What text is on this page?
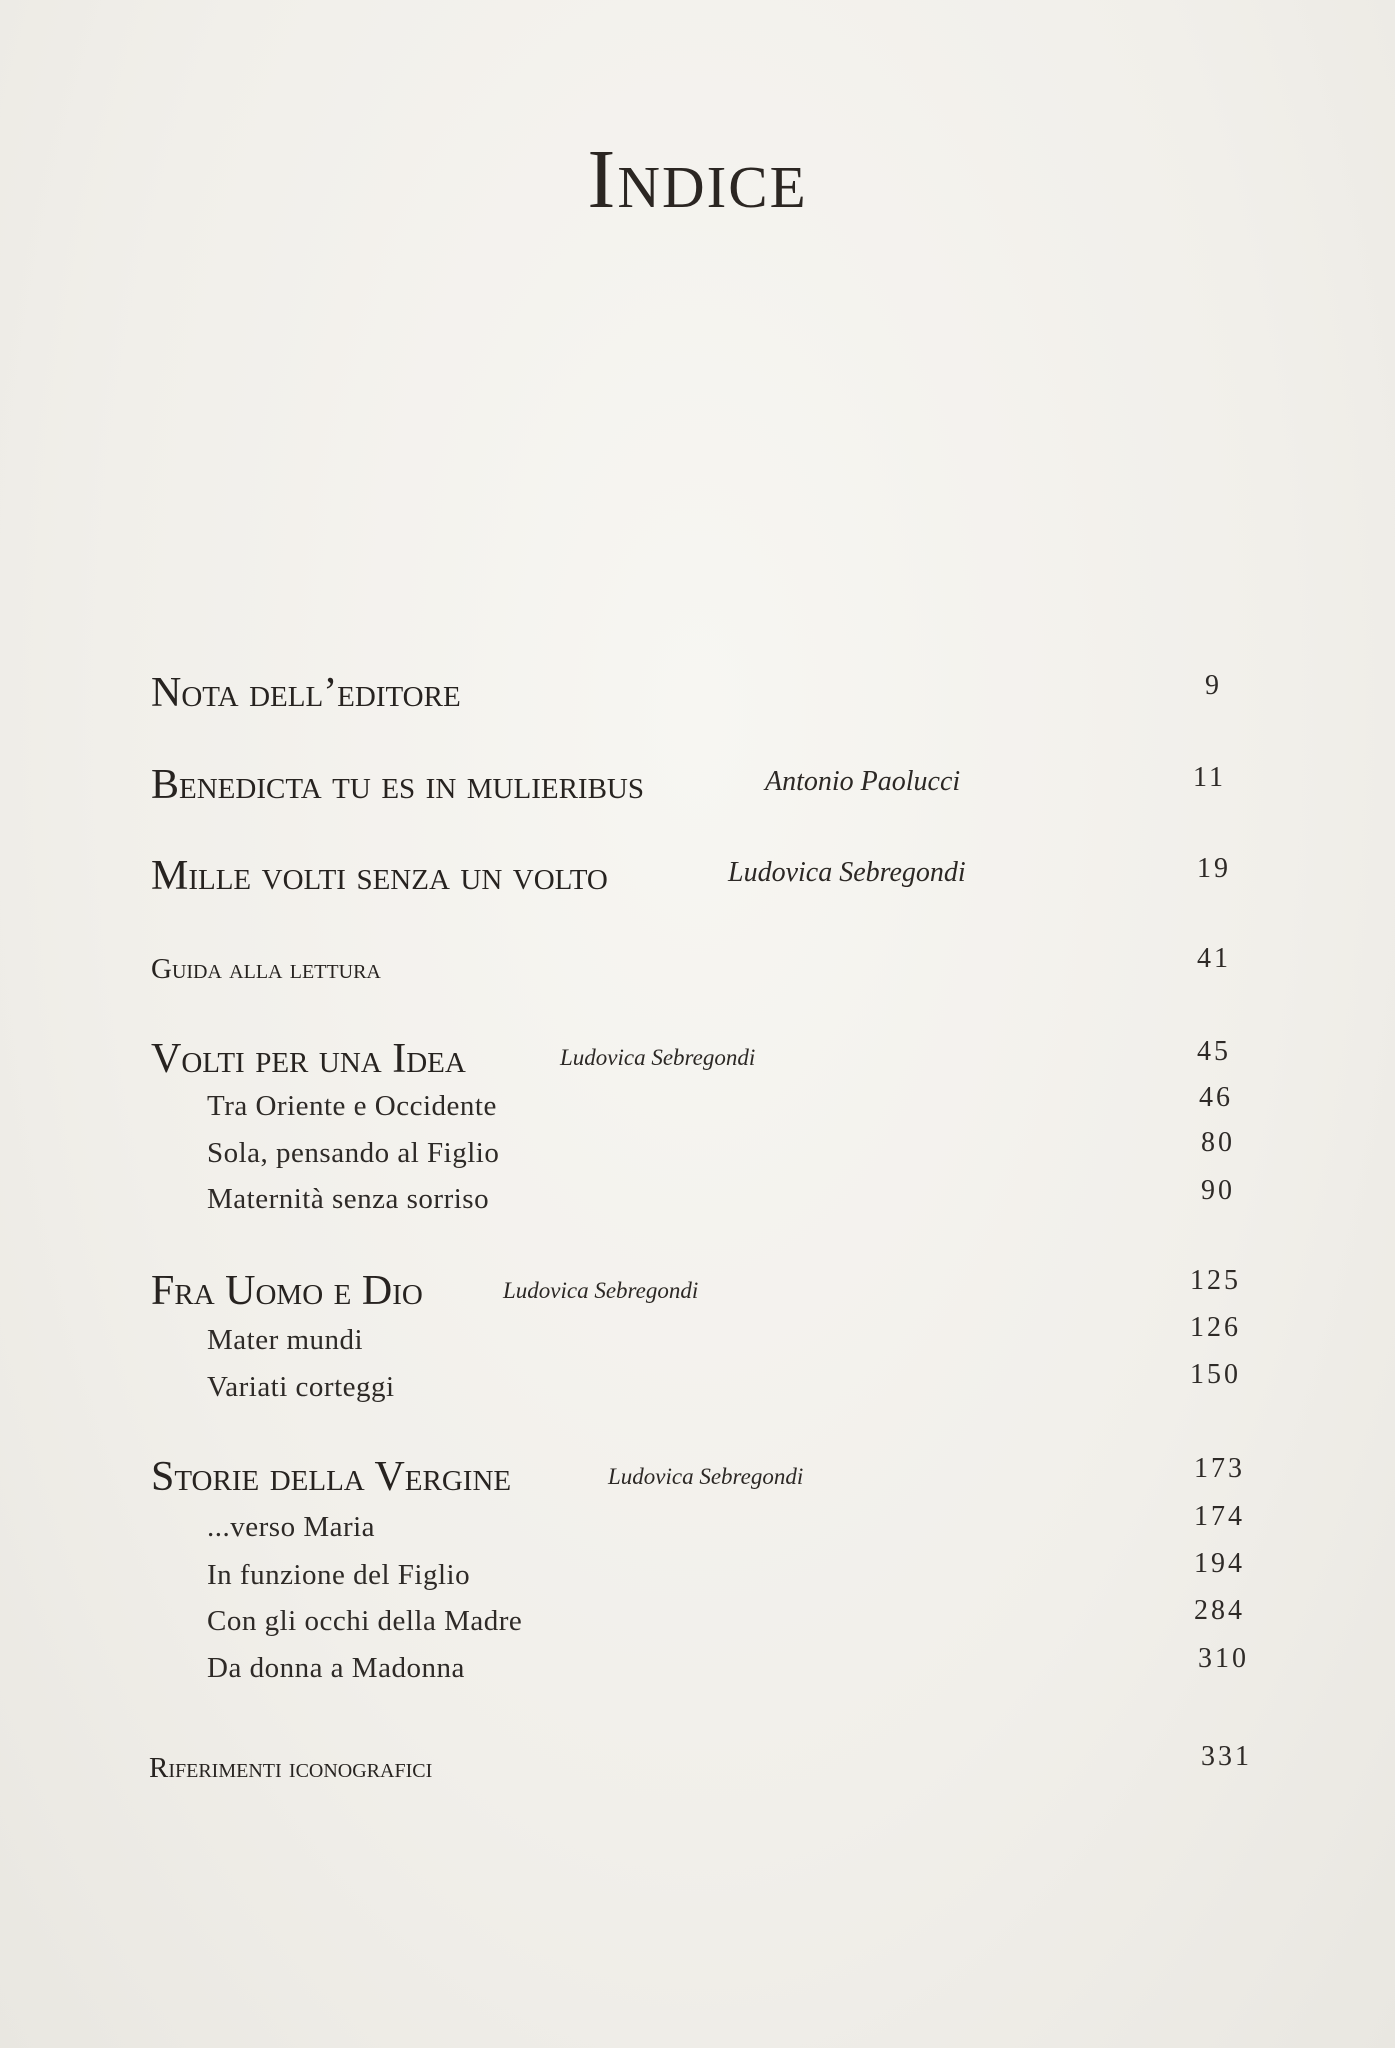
Indice
Nota dell’editore	9
Benedicta tu es in mulieribus	Antonio Paolucci	11
Mille volti senza un volto	Ludovica Sebregondi	19
Guida alla lettura	41
Volti per una Idea	Ludovica Sebregondi	45
Tra Oriente e Occidente	46
Sola, pensando al Figlio	80
Maternità senza sorriso	90
Fra Uomo e Dio	Ludovica Sebregondi	125
Mater mundi	126
Variati corteggi	150
Storie della Vergine	Ludovica Sebregondi	173
...verso Maria	174
In funzione del Figlio	194
Con gli occhi della Madre	284
Da donna a Madonna	310
Riferimenti iconografici	331
